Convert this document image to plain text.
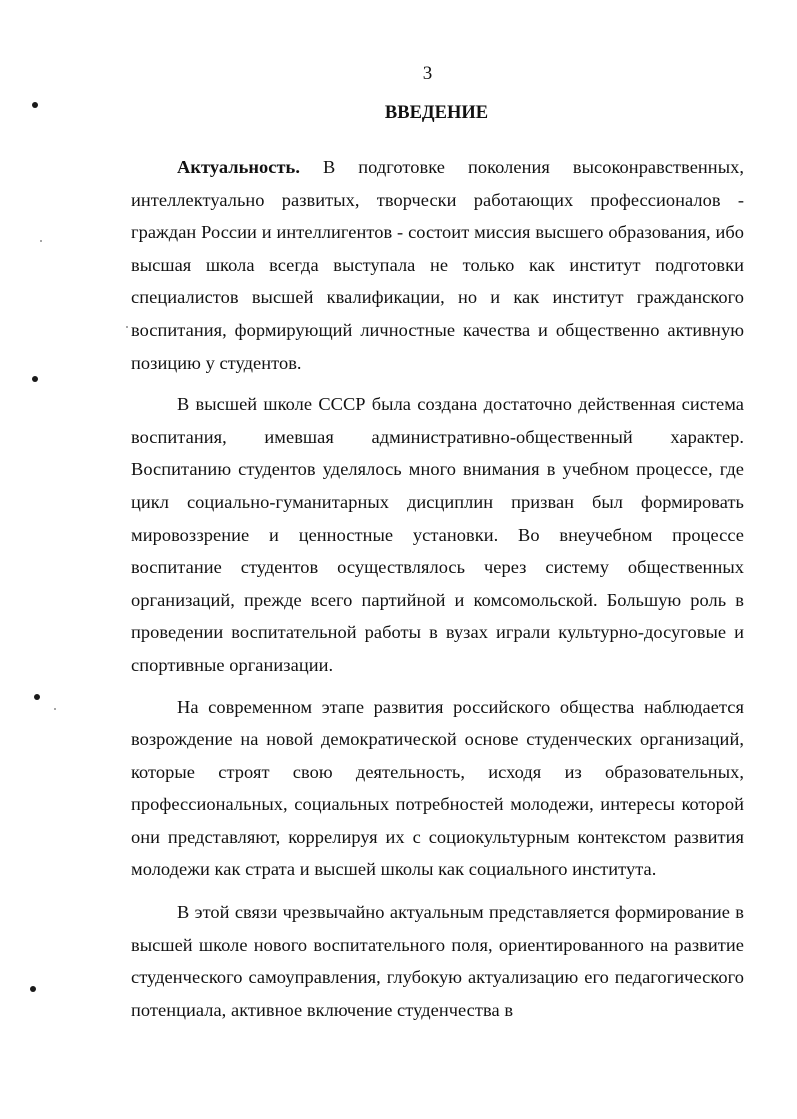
3
ВВЕДЕНИЕ

Актуальность. В подготовке поколения высоконравственных, интеллектуально развитых, творчески работающих профессионалов - граждан России и интеллигентов - состоит миссия высшего образования, ибо высшая школа всегда выступала не только как институт подготовки специалистов высшей квалификации, но и как институт гражданского воспитания, формирующий личностные качества и общественно активную позицию у студентов.

В высшей школе СССР была создана достаточно действенная система воспитания, имевшая административно-общественный характер. Воспитанию студентов уделялось много внимания в учебном процессе, где цикл социально-гуманитарных дисциплин призван был формировать мировоззрение и ценностные установки. Во внеучебном процессе воспитание студентов осуществлялось через систему общественных организаций, прежде всего партийной и комсомольской. Большую роль в проведении воспитательной работы в вузах играли культурно-досуговые и спортивные организации.

На современном этапе развития российского общества наблюдается возрождение на новой демократической основе студенческих организаций, которые строят свою деятельность, исходя из образовательных, профессиональных, социальных потребностей молодежи, интересы которой они представляют, коррелируя их с социокультурным контекстом развития молодежи как страта и высшей школы как социального института.

В этой связи чрезвычайно актуальным представляется формирование в высшей школе нового воспитательного поля, ориентированного на развитие студенческого самоуправления, глубокую актуализацию его педагогического потенциала, активное включение студенчества в
